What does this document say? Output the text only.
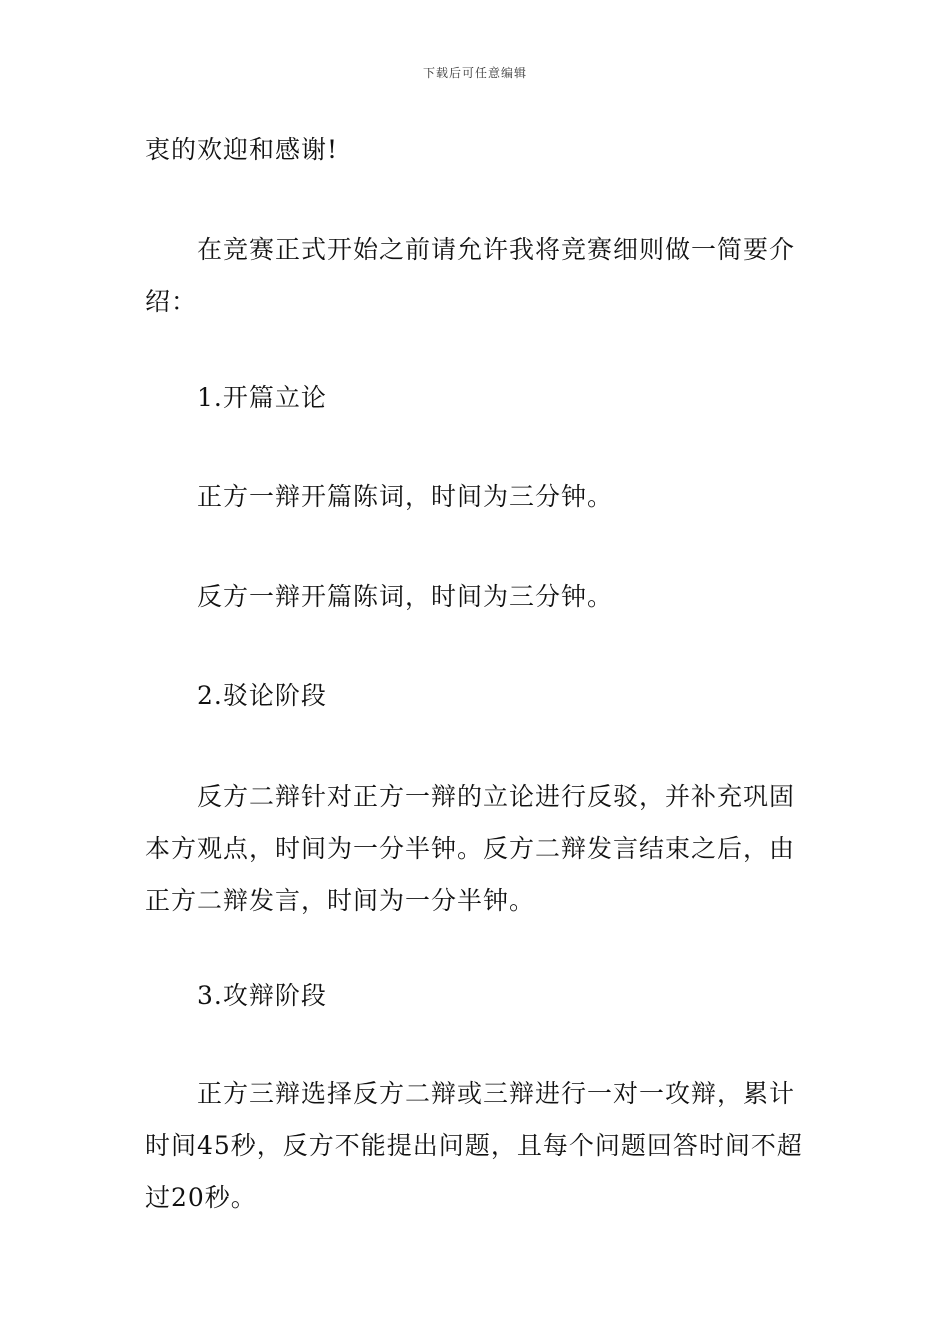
下载后可任意编辑

衷的欢迎和感谢!

在竞赛正式开始之前请允许我将竞赛细则做一简要介绍：

1.开篇立论

正方一辩开篇陈词，时间为三分钟。

反方一辩开篇陈词，时间为三分钟。

2.驳论阶段

反方二辩针对正方一辩的立论进行反驳，并补充巩固本方观点，时间为一分半钟。反方二辩发言结束之后，由正方二辩发言，时间为一分半钟。

3.攻辩阶段

正方三辩选择反方二辩或三辩进行一对一攻辩，累计时间45秒，反方不能提出问题，且每个问题回答时间不超过20秒。
